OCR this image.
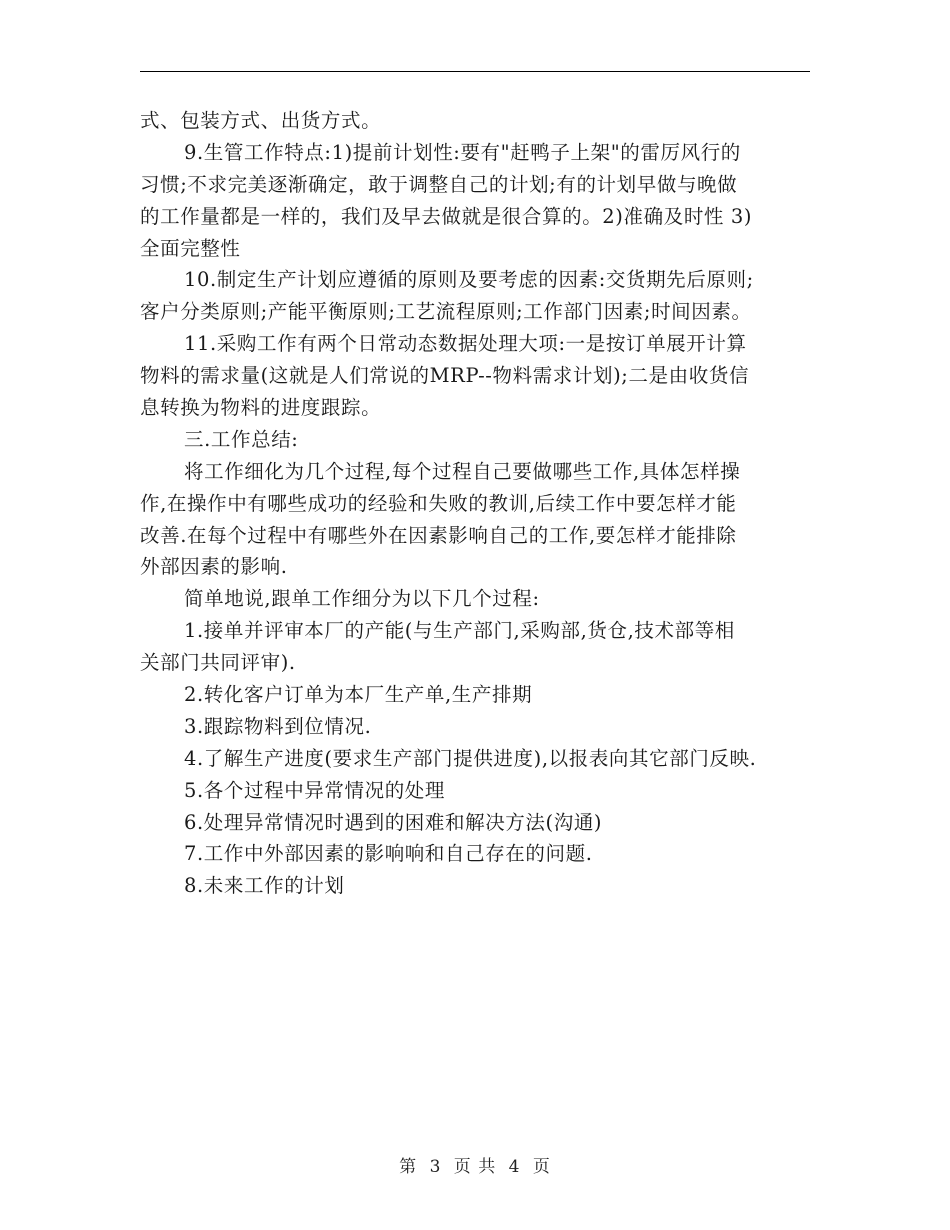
式、包装方式、出货方式。
9.生管工作特点:1)提前计划性:要有"赶鸭子上架"的雷厉风行的
习惯;不求完美逐渐确定，敢于调整自己的计划;有的计划早做与晚做
的工作量都是一样的，我们及早去做就是很合算的。2)准确及时性 3)
全面完整性
10.制定生产计划应遵循的原则及要考虑的因素:交货期先后原则;
客户分类原则;产能平衡原则;工艺流程原则;工作部门因素;时间因素。
11.采购工作有两个日常动态数据处理大项:一是按订单展开计算
物料的需求量(这就是人们常说的MRP--物料需求计划);二是由收货信
息转换为物料的进度跟踪。
三.工作总结:
将工作细化为几个过程,每个过程自己要做哪些工作,具体怎样操
作,在操作中有哪些成功的经验和失败的教训,后续工作中要怎样才能
改善.在每个过程中有哪些外在因素影响自己的工作,要怎样才能排除
外部因素的影响.
简单地说,跟单工作细分为以下几个过程:
1.接单并评审本厂的产能(与生产部门,采购部,货仓,技术部等相
关部门共同评审).
2.转化客户订单为本厂生产单,生产排期
3.跟踪物料到位情况.
4.了解生产进度(要求生产部门提供进度),以报表向其它部门反映.
5.各个过程中异常情况的处理
6.处理异常情况时遇到的困难和解决方法(沟通)
7.工作中外部因素的影响响和自己存在的问题.
8.未来工作的计划
第 3 页 共 4 页
